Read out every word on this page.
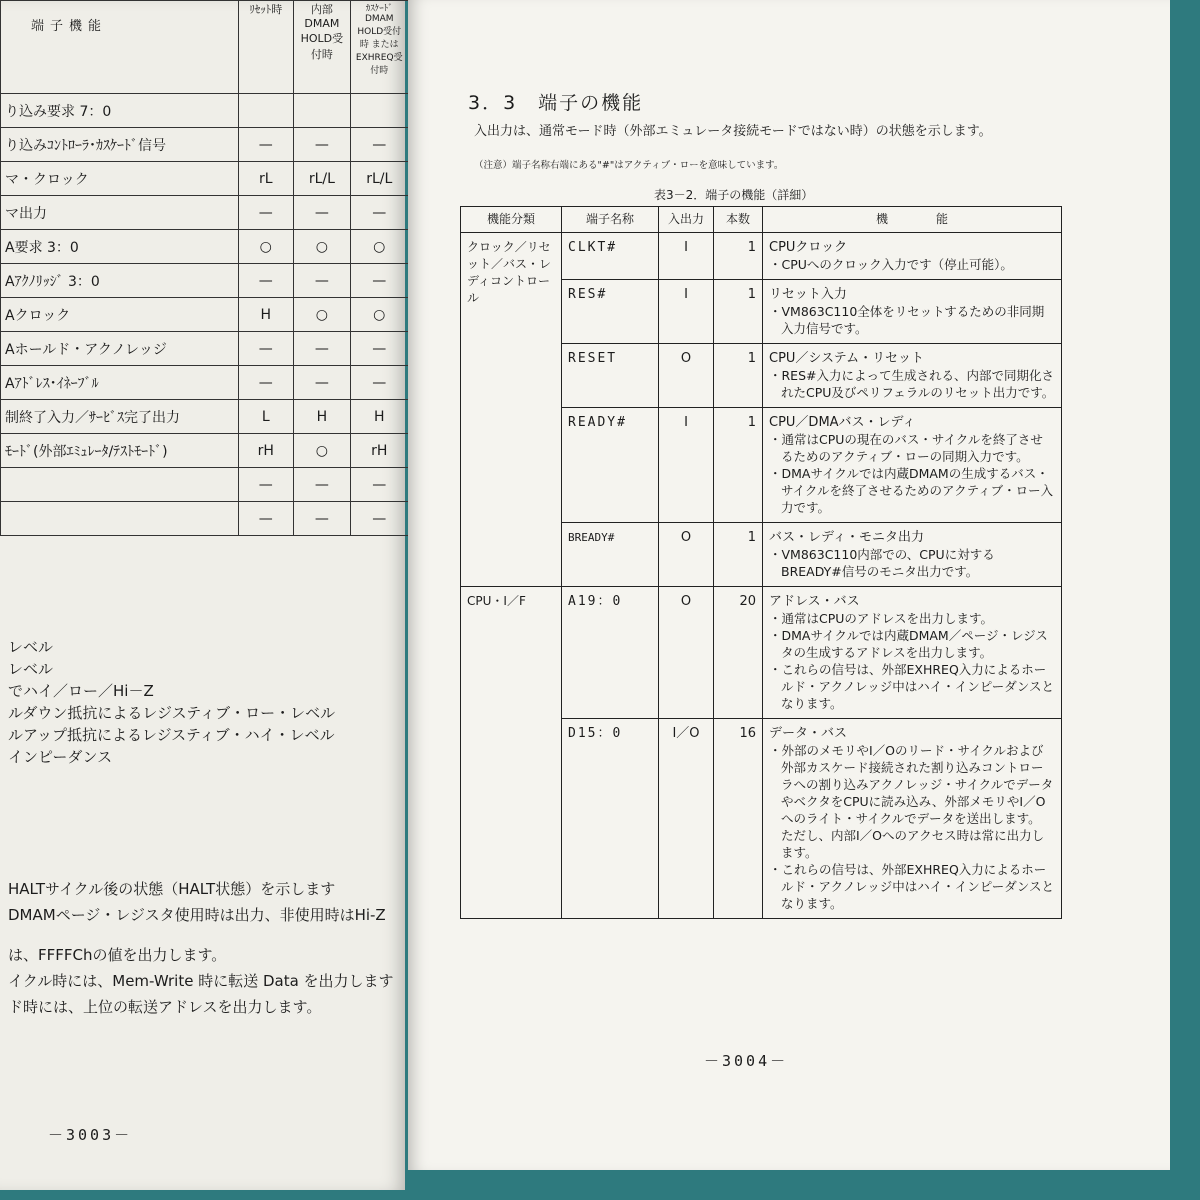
端子機能	ﾘｾｯﾄ時	内部DMAM HOLD受付時	ｶｽｹｰﾄﾞ DMAM HOLD受付時 または EXHREQ受付時	
り込み要求 7：0				
り込みｺﾝﾄﾛｰﾗ･ｶｽｹｰﾄﾞ信号	—	—	—	
マ・クロック	rL	rL/L	rL/L	
マ出力	—	—	—	
A要求 3：0	○	○	○	
Aｱｸﾉﾘｯｼﾞ 3：0	—	—	—	
Aクロック	H	○	○	
Aホールド・アクノレッジ	—	—	—	
Aｱﾄﾞﾚｽ･ｲﾈｰﾌﾞﾙ	—	—	—	
制終了入力／ｻｰﾋﾞｽ完了出力	L	H	H	
ﾓｰﾄﾞ(外部ｴﾐｭﾚｰﾀ/ﾃｽﾄﾓｰﾄﾞ)	rH	○	rH	
	—	—	—	
	—	—	—	
レベル
レベル
でハイ／ロー／Hi－Z
ルダウン抵抗によるレジスティブ・ロー・レベル
ルアップ抵抗によるレジスティブ・ハイ・レベル
インピーダンス
HALTサイクル後の状態（HALT状態）を示します
DMAMページ・レジスタ使用時は出力、非使用時はHi-Z
は、FFFFChの値を出力します。
イクル時には、Mem-Write 時に転送 Data を出力します
ド時には、上位の転送アドレスを出力します。
－3003－
3．3　端子の機能
入出力は、通常モード時（外部エミュレータ接続モードではない時）の状態を示します。
（注意）端子名称右端にある"#"はアクティブ・ローを意味しています。
表3－2．端子の機能（詳細）
機能分類	端子名称	入出力	本数	機　　　　能
クロック／リセット／バス・レディコントロール	CLKT#	I	1	CPUクロック
・CPUへのクロック入力です（停止可能）。

	RES#	I	1	リセット入力
・VM863C110全体をリセットするための非同期入力信号です。

	RESET	O	1	CPU／システム・リセット
・RES#入力によって生成される、内部で同期化されたCPU及びペリフェラルのリセット出力です。

	READY#	I	1	CPU／DMAバス・レディ
・通常はCPUの現在のバス・サイクルを終了させるためのアクティブ・ローの同期入力です。
・DMAサイクルでは内蔵DMAMの生成するバス・サイクルを終了させるためのアクティブ・ロー入力です。

	BREADY#	O	1	バス・レディ・モニタ出力
・VM863C110内部での、CPUに対するBREADY#信号のモニタ出力です。

CPU・I／F	A19：0	O	20	アドレス・バス
・通常はCPUのアドレスを出力します。
・DMAサイクルでは内蔵DMAM／ページ・レジスタの生成するアドレスを出力します。
・これらの信号は、外部EXHREQ入力によるホールド・アクノレッジ中はハイ・インピーダンスとなります。

	D15：0	I／O	16	データ・バス
・外部のメモリやI／Oのリード・サイクルおよび外部カスケード接続された割り込みコントローラへの割り込みアクノレッジ・サイクルでデータやベクタをCPUに読み込み、外部メモリやI／Oへのライト・サイクルでデータを送出します。
ただし、内部I／Oへのアクセス時は常に出力します。
・これらの信号は、外部EXHREQ入力によるホールド・アクノレッジ中はハイ・インピーダンスとなります。
－3004－
